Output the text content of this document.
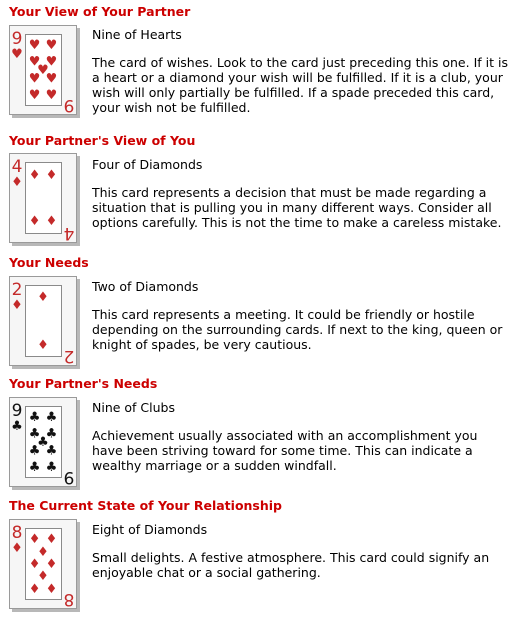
Your View of Your Partner
9
♥
9
♥ ♥
♥ ♥
♥
♥ ♥
♥ ♥
Nine of Hearts
The card of wishes. Look to the card just preceding this one. If it is a heart or a diamond your wish will be fulfilled. If it is a club, your wish will only partially be fulfilled. If a spade preceded this card, your wish not be fulfilled.
Your Partner's View of You
4
♦
4
♦ ♦
♦ ♦
Four of Diamonds
This card represents a decision that must be made regarding a situation that is pulling you in many different ways. Consider all options carefully. This is not the time to make a careless mistake.
Your Needs
2
♦
2
♦
♦
Two of Diamonds
This card represents a meeting. It could be friendly or hostile depending on the surrounding cards. If next to the king, queen or knight of spades, be very cautious.
Your Partner's Needs
9
♣
9
♣ ♣
♣ ♣
♣
♣ ♣
♣ ♣
Nine of Clubs
Achievement usually associated with an accomplishment you have been striving toward for some time. This can indicate a wealthy marriage or a sudden windfall.
The Current State of Your Relationship
8
♦
8
♦ ♦
♦
♦ ♦
♦
♦ ♦
Eight of Diamonds
Small delights. A festive atmosphere. This card could signify an enjoyable chat or a social gathering.
